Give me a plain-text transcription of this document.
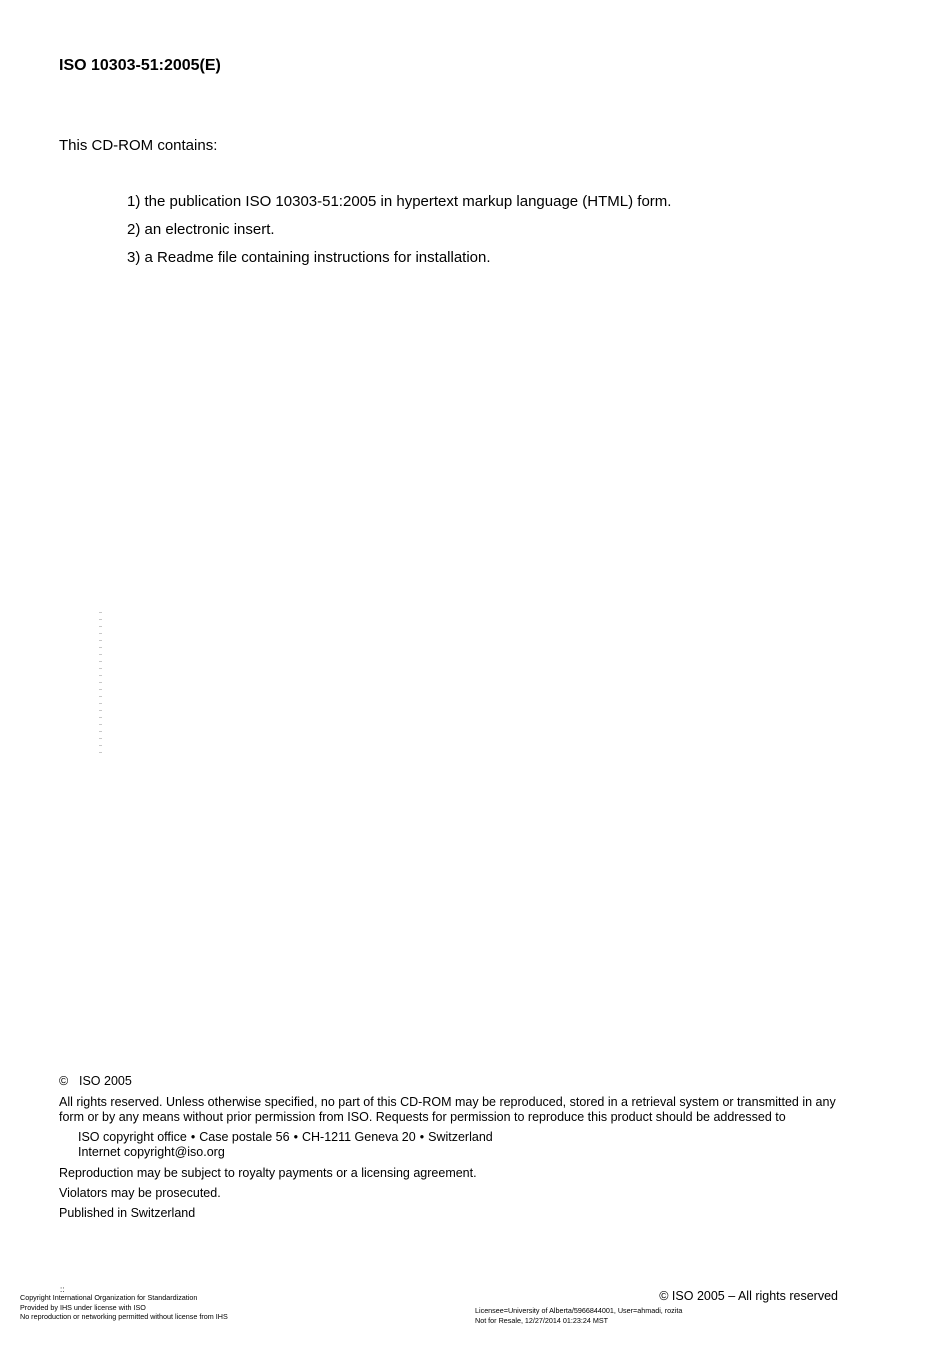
ISO 10303-51:2005(E)
This CD-ROM contains:
1) the publication ISO 10303-51:2005 in hypertext markup language (HTML) form.
2) an electronic insert.
3) a Readme file containing instructions for installation.
© ISO 2005

All rights reserved. Unless otherwise specified, no part of this CD-ROM may be reproduced, stored in a retrieval system or transmitted in any form or by any means without prior permission from ISO. Requests for permission to reproduce this product should be addressed to

ISO copyright office • Case postale 56 • CH-1211 Geneva 20 • Switzerland
Internet copyright@iso.org
Reproduction may be subject to royalty payments or a licensing agreement.
Violators may be prosecuted.
Published in Switzerland
© ISO 2005 – All rights reserved
::
Copyright International Organization for Standardization
Provided by IHS under license with ISO
No reproduction or networking permitted without license from IHS
Licensee=University of Alberta/5966844001, User=ahmadi, rozita
Not for Resale, 12/27/2014 01:23:24 MST
